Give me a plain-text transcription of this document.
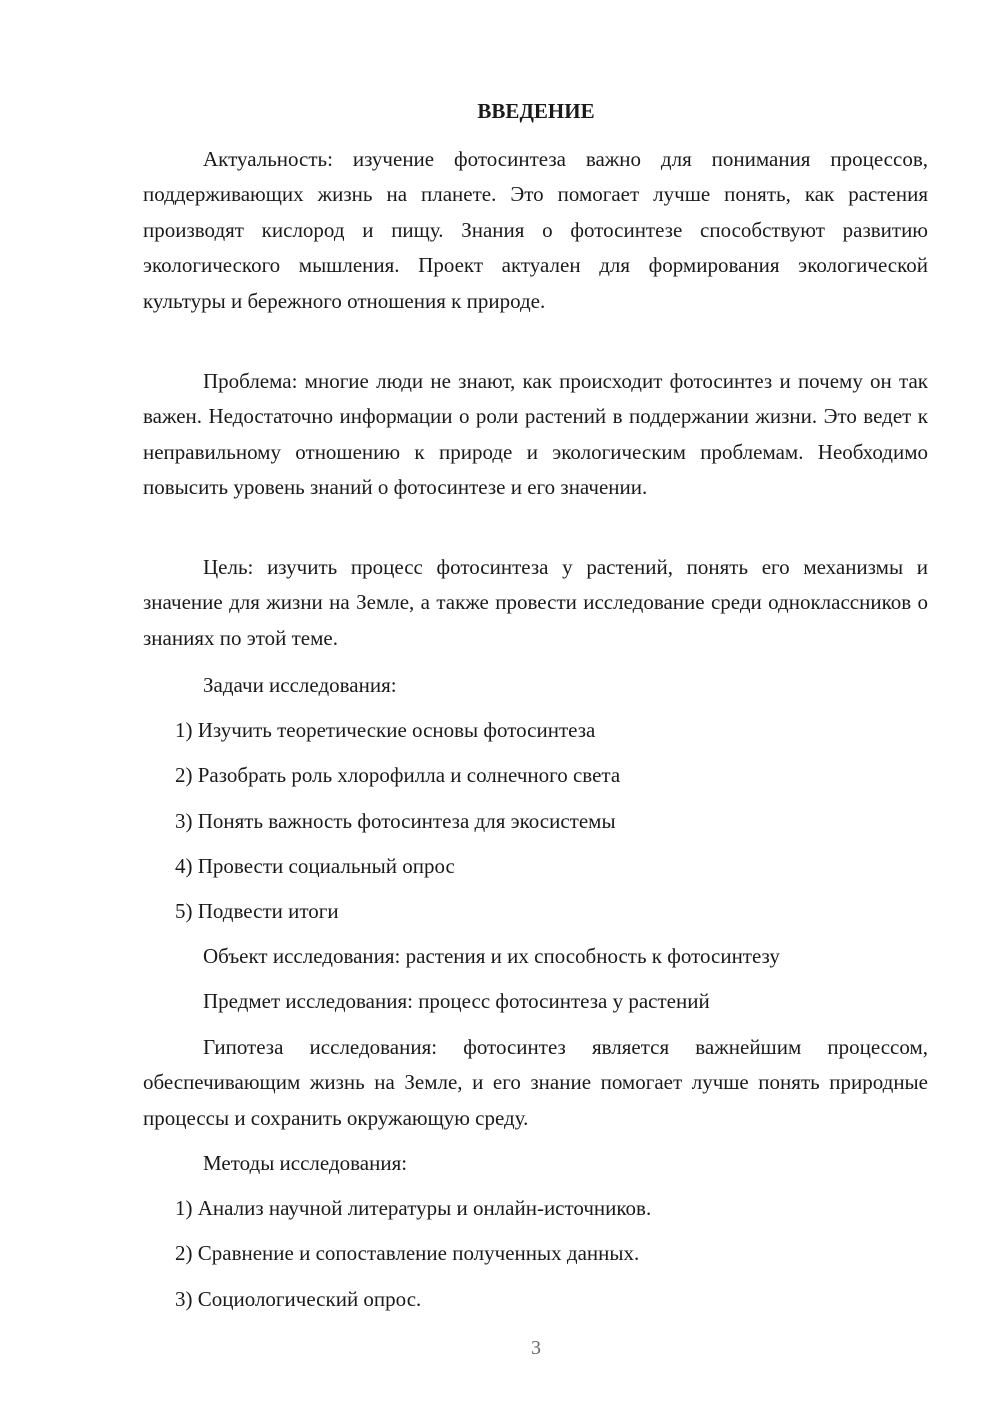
ВВЕДЕНИЕ

Актуальность: изучение фотосинтеза важно для понимания процессов, поддерживающих жизнь на планете. Это помогает лучше понять, как растения производят кислород и пищу. Знания о фотосинтезе способствуют развитию экологического мышления. Проект актуален для формирования экологической культуры и бережного отношения к природе.

Проблема: многие люди не знают, как происходит фотосинтез и почему он так важен. Недостаточно информации о роли растений в поддержании жизни. Это ведет к неправильному отношению к природе и экологическим проблемам. Необходимо повысить уровень знаний о фотосинтезе и его значении.

Цель: изучить процесс фотосинтеза у растений, понять его механизмы и значение для жизни на Земле, а также провести исследование среди одноклассников о знаниях по этой теме.

Задачи исследования:

1) Изучить теоретические основы фотосинтеза

2) Разобрать роль хлорофилла и солнечного света

3) Понять важность фотосинтеза для экосистемы

4) Провести социальный опрос

5) Подвести итоги

Объект исследования: растения и их способность к фотосинтезу

Предмет исследования: процесс фотосинтеза у растений

Гипотеза исследования: фотосинтез является важнейшим процессом, обеспечивающим жизнь на Земле, и его знание помогает лучше понять природные процессы и сохранить окружающую среду.

Методы исследования:

1) Анализ научной литературы и онлайн-источников.

2) Сравнение и сопоставление полученных данных.

3) Социологический опрос.

3
